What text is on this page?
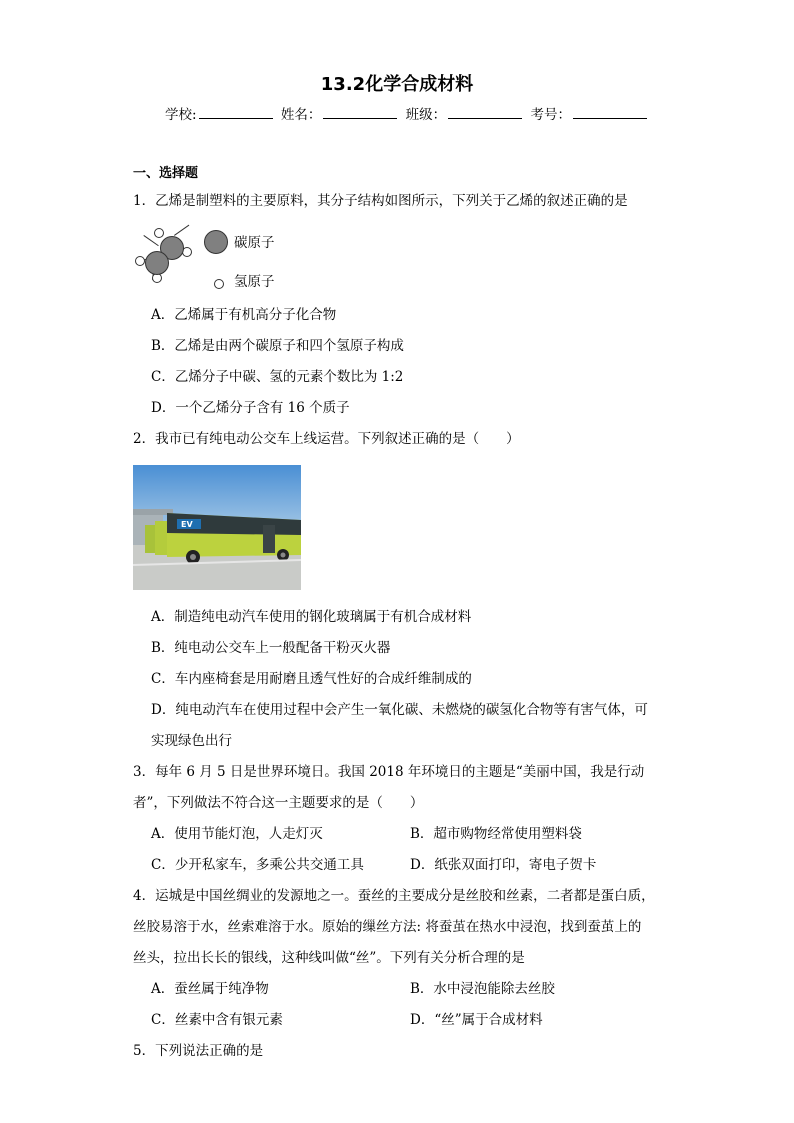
13.2化学合成材料
学校:	姓名：	班级：	考号：
一、选择题
1．乙烯是制塑料的主要原料，其分子结构如图所示，下列关于乙烯的叙述正确的是
碳原子
氢原子
A．乙烯属于有机高分子化合物
B．乙烯是由两个碳原子和四个氢原子构成
C．乙烯分子中碳、氢的元素个数比为 1:2
D．一个乙烯分子含有 16 个质子
2．我市已有纯电动公交车上线运营。下列叙述正确的是（　　）
EV
A．制造纯电动汽车使用的钢化玻璃属于有机合成材料
B．纯电动公交车上一般配备干粉灭火器
C．车内座椅套是用耐磨且透气性好的合成纤维制成的
D．纯电动汽车在使用过程中会产生一氧化碳、未燃烧的碳氢化合物等有害气体，可
实现绿色出行
3．每年 6 月 5 日是世界环境日。我国 2018 年环境日的主题是“美丽中国，我是行动
者”，下列做法不符合这一主题要求的是（　　）
A．使用节能灯泡，人走灯灭	B．超市购物经常使用塑料袋
C．少开私家车，多乘公共交通工具	D．纸张双面打印，寄电子贺卡
4．运城是中国丝绸业的发源地之一。蚕丝的主要成分是丝胶和丝素，二者都是蛋白质，
丝胶易溶于水，丝索难溶于水。原始的缫丝方法: 将蚕茧在热水中浸泡，找到蚕茧上的
丝头，拉出长长的银线，这种线叫做“丝”。下列有关分析合理的是
A．蚕丝属于纯净物	B．水中浸泡能除去丝胶
C．丝素中含有银元素	D．“丝”属于合成材料
5．下列说法正确的是
